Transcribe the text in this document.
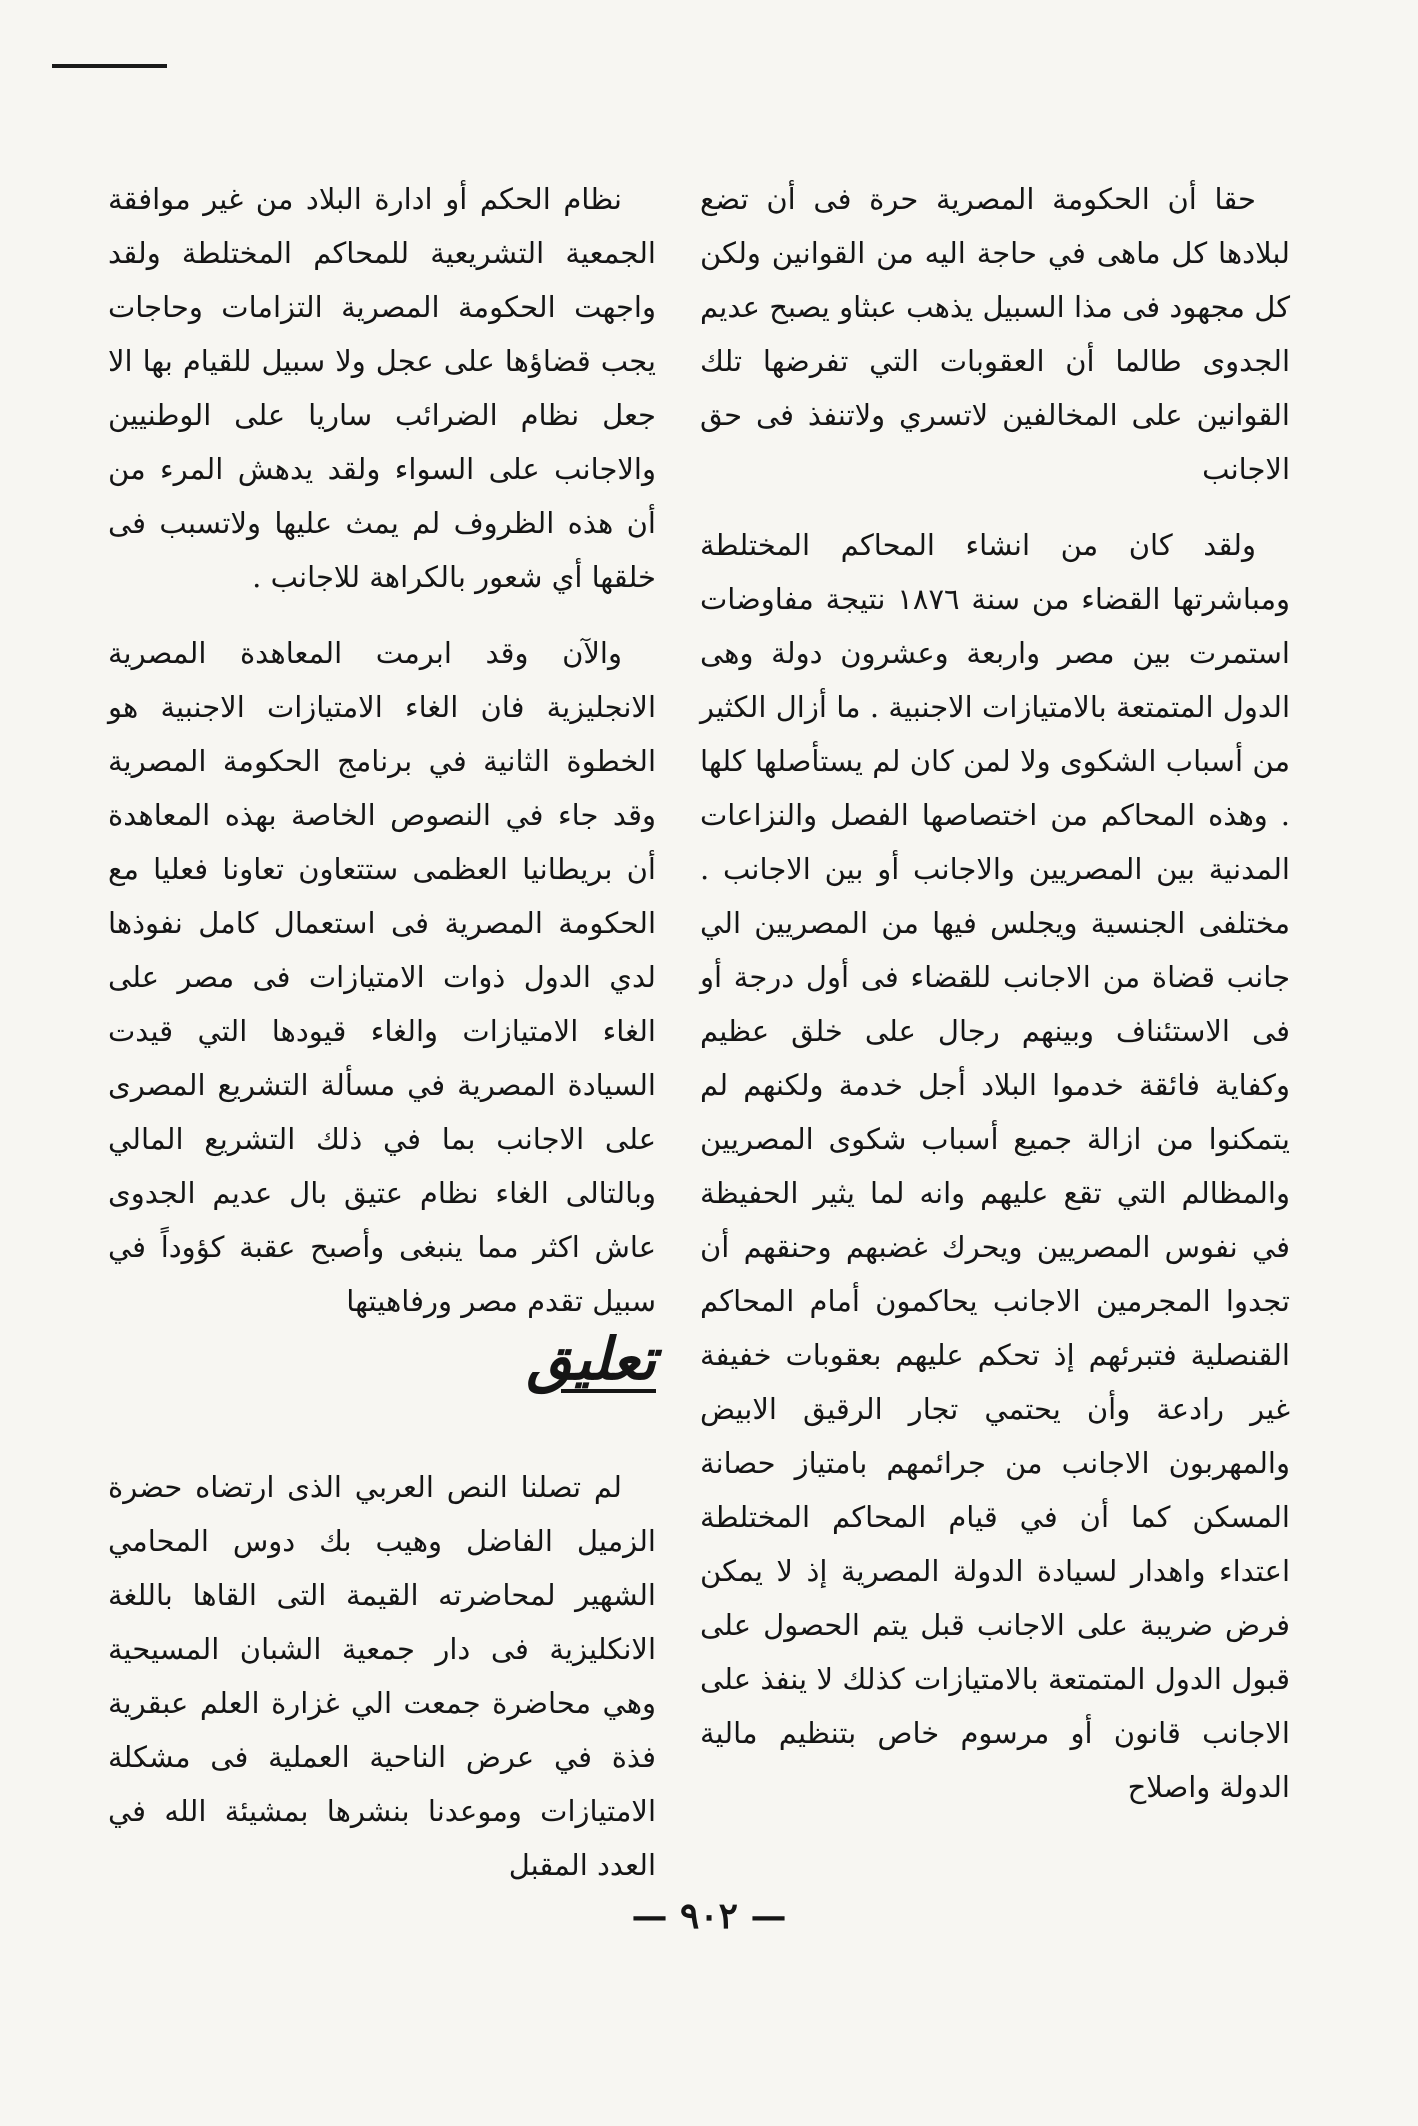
حقا أن الحكومة المصرية حرة فى أن تضع لبلادها كل ماهى في حاجة اليه من القوانين ولكن كل مجهود فى مذا السبيل يذهب عبثاو يصبح عديم الجدوى طالما أن العقوبات التي تفرضها تلك القوانين على المخالفين لاتسري ولاتنفذ فى حق الاجانب

ولقد كان من انشاء المحاكم المختلطة ومباشرتها القضاء من سنة ١٨٧٦ نتيجة مفاوضات استمرت بين مصر واربعة وعشرون دولة وهى الدول المتمتعة بالامتيازات الاجنبية . ما أزال الكثير من أسباب الشكوى ولا لمن كان لم يستأصلها كلها . وهذه المحاكم من اختصاصها الفصل والنزاعات المدنية بين المصريين والاجانب أو بين الاجانب . مختلفى الجنسية ويجلس فيها من المصريين الي جانب قضاة من الاجانب للقضاء فى أول درجة أو فى الاستئناف وبينهم رجال على خلق عظيم وكفاية فائقة خدموا البلاد أجل خدمة ولكنهم لم يتمكنوا من ازالة جميع أسباب شكوى المصريين والمظالم التي تقع عليهم وانه لما يثير الحفيظة في نفوس المصريين ويحرك غضبهم وحنقهم أن تجدوا المجرمين الاجانب يحاكمون أمام المحاكم القنصلية فتبرئهم إذ تحكم عليهم بعقوبات خفيفة غير رادعة وأن يحتمي تجار الرقيق الابيض والمهربون الاجانب من جرائمهم بامتياز حصانة المسكن كما أن في قيام المحاكم المختلطة اعتداء واهدار لسيادة الدولة المصرية إذ لا يمكن فرض ضريبة على الاجانب قبل يتم الحصول على قبول الدول المتمتعة بالامتيازات كذلك لا ينفذ على الاجانب قانون أو مرسوم خاص بتنظيم مالية الدولة واصلاح

نظام الحكم أو ادارة البلاد من غير موافقة الجمعية التشريعية للمحاكم المختلطة ولقد واجهت الحكومة المصرية التزامات وحاجات يجب قضاؤها على عجل ولا سبيل للقيام بها الا جعل نظام الضرائب ساريا على الوطنيين والاجانب على السواء ولقد يدهش المرء من أن هذه الظروف لم يمث عليها ولاتسبب فى خلقها أي شعور بالكراهة للاجانب .

والآن وقد ابرمت المعاهدة المصرية الانجليزية فان الغاء الامتيازات الاجنبية هو الخطوة الثانية في برنامج الحكومة المصرية وقد جاء في النصوص الخاصة بهذه المعاهدة أن بريطانيا العظمى ستتعاون تعاونا فعليا مع الحكومة المصرية فى استعمال كامل نفوذها لدي الدول ذوات الامتيازات فى مصر على الغاء الامتيازات والغاء قيودها التي قيدت السيادة المصرية في مسألة التشريع المصرى على الاجانب بما في ذلك التشريع المالي وبالتالى الغاء نظام عتيق بال عديم الجدوى عاش اكثر مما ينبغى وأصبح عقبة كؤوداً في سبيل تقدم مصر ورفاهيتها

تعليق

لم تصلنا النص العربي الذى ارتضاه حضرة الزميل الفاضل وهيب بك دوس المحامي الشهير لمحاضرته القيمة التى القاها باللغة الانكليزية فى دار جمعية الشبان المسيحية وهي محاضرة جمعت الي غزارة العلم عبقرية فذة في عرض الناحية العملية فى مشكلة الامتيازات وموعدنا بنشرها بمشيئة الله في العدد المقبل

— ٩٠٢ —
